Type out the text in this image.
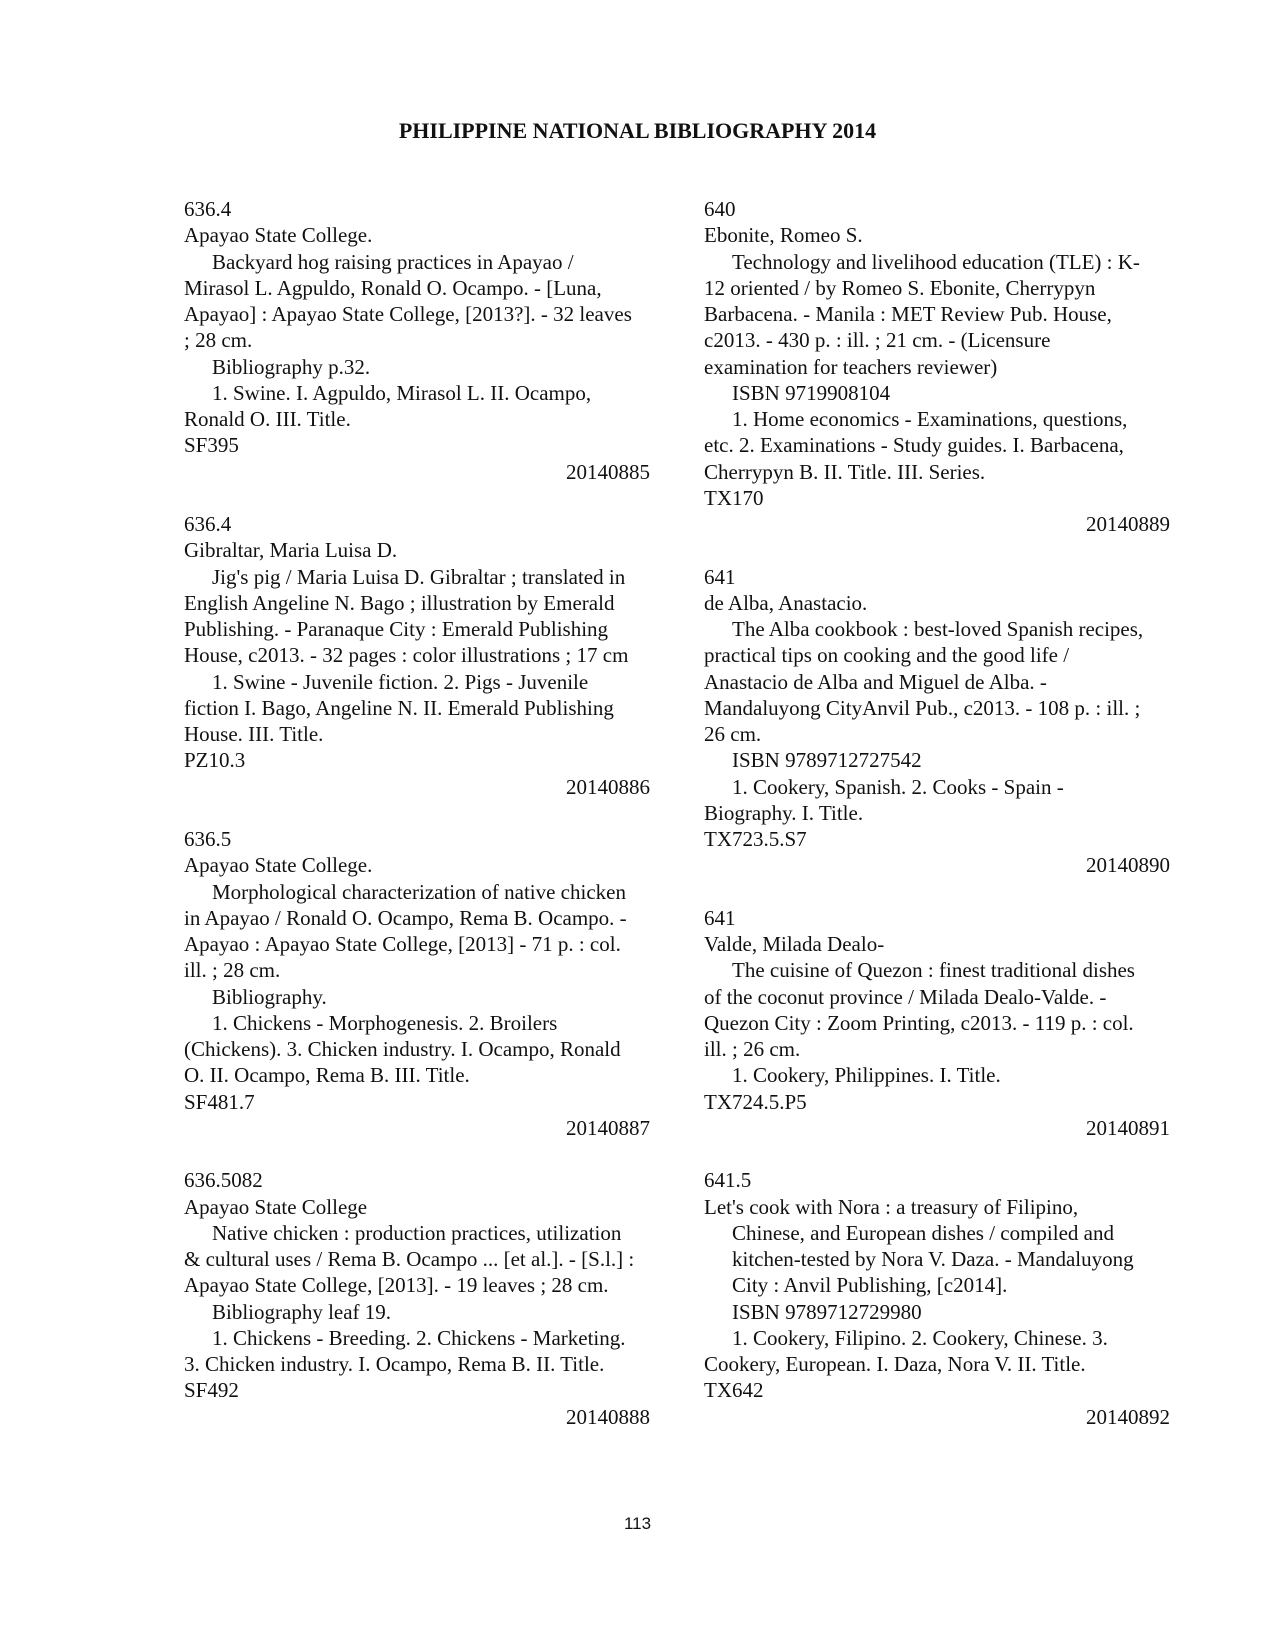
PHILIPPINE NATIONAL BIBLIOGRAPHY 2014
636.4
Apayao State College.
Backyard hog raising practices in Apayao /
Mirasol L. Agpuldo, Ronald O. Ocampo. - [Luna,
Apayao] : Apayao State College, [2013?]. - 32 leaves
; 28 cm.
Bibliography p.32.
1. Swine. I. Agpuldo, Mirasol L. II. Ocampo,
Ronald O. III. Title.
SF395
20140885
636.4
Gibraltar, Maria Luisa D.
Jig's pig / Maria Luisa D. Gibraltar ; translated in
English Angeline N. Bago ; illustration by Emerald
Publishing. - Paranaque City : Emerald Publishing
House, c2013. - 32 pages : color illustrations ; 17 cm
1. Swine - Juvenile fiction. 2. Pigs - Juvenile
fiction I. Bago, Angeline N. II. Emerald Publishing
House. III. Title.
PZ10.3
20140886
636.5
Apayao State College.
Morphological characterization of native chicken
in Apayao / Ronald O. Ocampo, Rema B. Ocampo. -
Apayao : Apayao State College, [2013] - 71 p. : col.
ill. ; 28 cm.
Bibliography.
1. Chickens - Morphogenesis. 2. Broilers
(Chickens). 3. Chicken industry. I. Ocampo, Ronald
O. II. Ocampo, Rema B. III. Title.
SF481.7
20140887
636.5082
Apayao State College
Native chicken : production practices, utilization
& cultural uses / Rema B. Ocampo ... [et al.]. - [S.l.] :
Apayao State College, [2013]. - 19 leaves ; 28 cm.
Bibliography leaf 19.
1. Chickens - Breeding. 2. Chickens - Marketing.
3. Chicken industry. I. Ocampo, Rema B. II. Title.
SF492
20140888
640
Ebonite, Romeo S.
Technology and livelihood education (TLE) : K-
12 oriented / by Romeo S. Ebonite, Cherrypyn
Barbacena. - Manila : MET Review Pub. House,
c2013. - 430 p. : ill. ; 21 cm. - (Licensure
examination for teachers reviewer)
ISBN 9719908104
1. Home economics - Examinations, questions,
etc. 2. Examinations - Study guides. I. Barbacena,
Cherrypyn B. II. Title. III. Series.
TX170
20140889
641
de Alba, Anastacio.
The Alba cookbook : best-loved Spanish recipes,
practical tips on cooking and the good life /
Anastacio de Alba and Miguel de Alba. -
Mandaluyong CityAnvil Pub., c2013. - 108 p. : ill. ;
26 cm.
ISBN 9789712727542
1. Cookery, Spanish. 2. Cooks - Spain -
Biography. I. Title.
TX723.5.S7
20140890
641
Valde, Milada Dealo-
The cuisine of Quezon : finest traditional dishes
of the coconut province / Milada Dealo-Valde. -
Quezon City : Zoom Printing, c2013. - 119 p. : col.
ill. ; 26 cm.
1. Cookery, Philippines. I. Title.
TX724.5.P5
20140891
641.5
Let's cook with Nora : a treasury of Filipino,
Chinese, and European dishes / compiled and
kitchen-tested by Nora V. Daza. - Mandaluyong
City : Anvil Publishing, [c2014].
ISBN 9789712729980
1. Cookery, Filipino. 2. Cookery, Chinese. 3.
Cookery, European. I. Daza, Nora V. II. Title.
TX642
20140892
113
